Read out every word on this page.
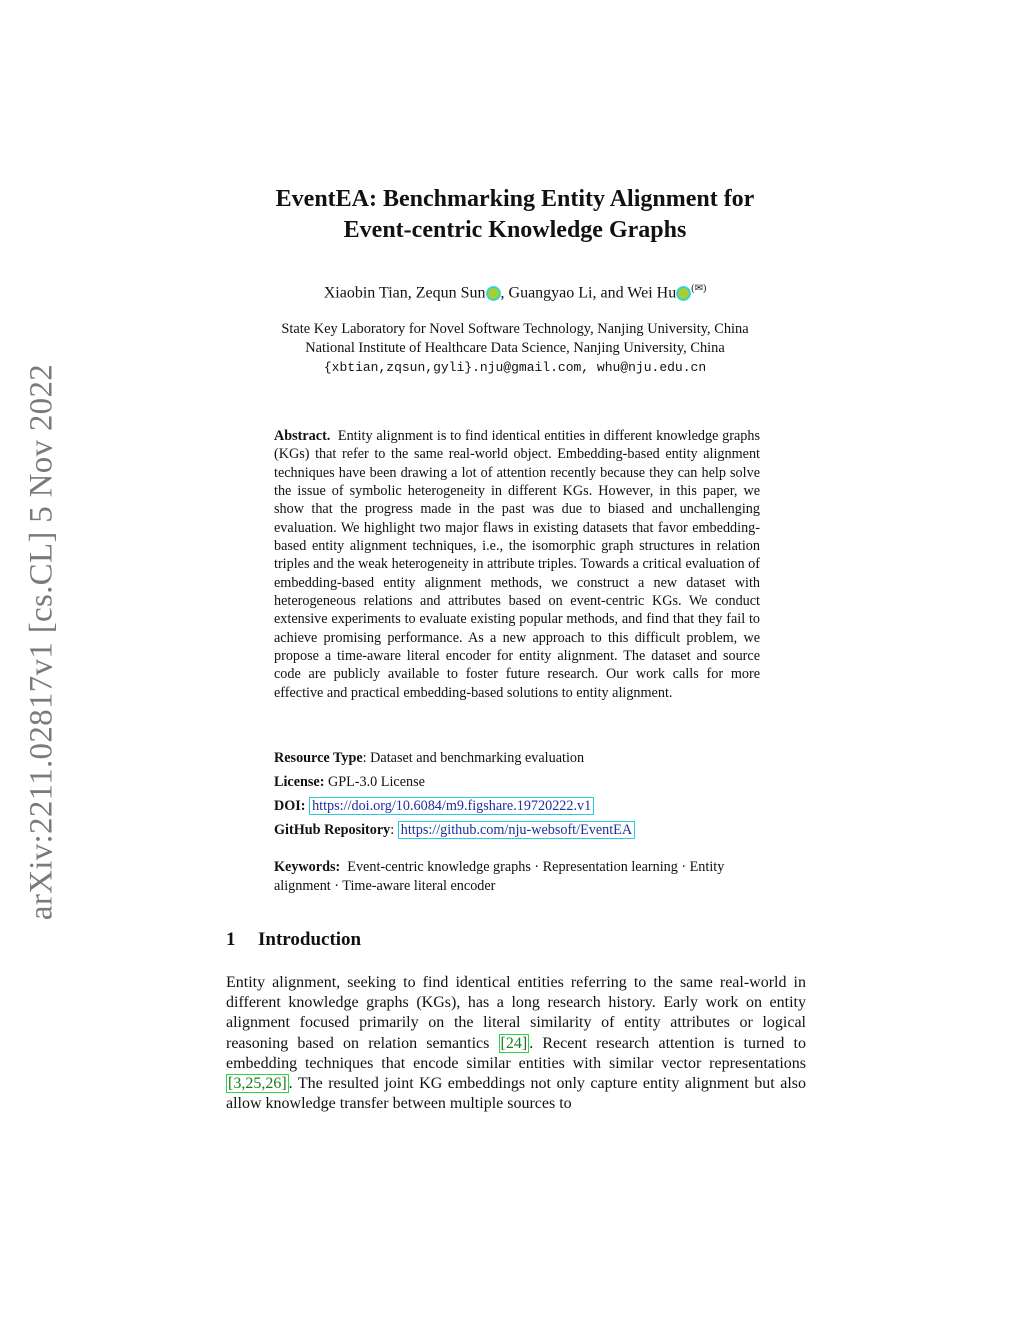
arXiv:2211.02817v1 [cs.CL] 5 Nov 2022
EventEA: Benchmarking Entity Alignment for
Event-centric Knowledge Graphs
Xiaobin Tian, Zequn Sun , Guangyao Li, and Wei Hu (✉)
State Key Laboratory for Novel Software Technology, Nanjing University, China
National Institute of Healthcare Data Science, Nanjing University, China
{xbtian,zqsun,gyli}.nju@gmail.com, whu@nju.edu.cn
Abstract. Entity alignment is to find identical entities in different knowledge graphs (KGs) that refer to the same real-world object. Embedding-based entity alignment techniques have been drawing a lot of attention recently because they can help solve the issue of symbolic heterogeneity in different KGs. However, in this paper, we show that the progress made in the past was due to biased and unchallenging evaluation. We highlight two major flaws in existing datasets that favor embedding-based entity alignment techniques, i.e., the isomorphic graph structures in relation triples and the weak heterogeneity in attribute triples. Towards a critical evaluation of embedding-based entity alignment methods, we construct a new dataset with heterogeneous relations and attributes based on event-centric KGs. We conduct extensive experiments to evaluate existing popular methods, and find that they fail to achieve promising performance. As a new approach to this difficult problem, we propose a time-aware literal encoder for entity alignment. The dataset and source code are publicly available to foster future research. Our work calls for more effective and practical embedding-based solutions to entity alignment.
Resource Type: Dataset and benchmarking evaluation
License: GPL-3.0 License
DOI: https://doi.org/10.6084/m9.figshare.19720222.v1
GitHub Repository: https://github.com/nju-websoft/EventEA
Keywords: Event-centric knowledge graphs · Representation learning · Entity alignment · Time-aware literal encoder
1 Introduction
Entity alignment, seeking to find identical entities referring to the same real-world in different knowledge graphs (KGs), has a long research history. Early work on entity alignment focused primarily on the literal similarity of entity attributes or logical reasoning based on relation semantics [24] . Recent research attention is turned to embedding techniques that encode similar entities with similar vector representations [3,25,26] . The resulted joint KG embeddings not only capture entity alignment but also allow knowledge transfer between multiple sources to
